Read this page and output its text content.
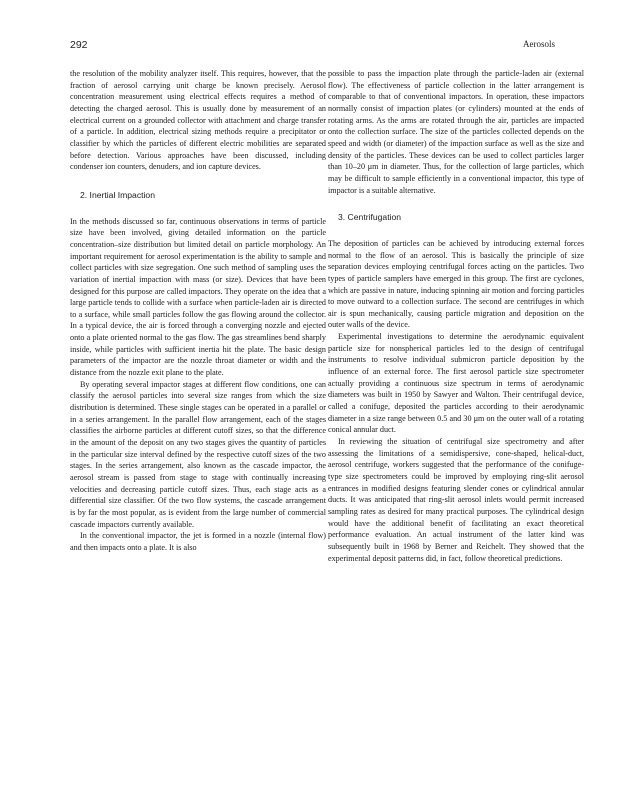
292	Aerosols

the resolution of the mobility analyzer itself. This requires, however, that the fraction of aerosol carrying unit charge be known precisely. Aerosol concentration measurement using electrical effects requires a method of detecting the charged aerosol. This is usually done by measurement of an electrical current on a grounded collector with attachment and charge transfer of a particle. In addition, electrical sizing methods require a precipitator or classifier by which the particles of different electric mobilities are separated before detection. Various approaches have been discussed, including condenser ion counters, denuders, and ion capture devices.

2. Inertial Impaction

In the methods discussed so far, continuous observations in terms of particle size have been involved, giving detailed information on the particle concentration–size distribution but limited detail on particle morphology. An important requirement for aerosol experimentation is the ability to sample and collect particles with size segregation. One such method of sampling uses the variation of inertial impaction with mass (or size). Devices that have been designed for this purpose are called impactors. They operate on the idea that a large particle tends to collide with a surface when particle-laden air is directed to a surface, while small particles follow the gas flowing around the collector. In a typical device, the air is forced through a converging nozzle and ejected onto a plate oriented normal to the gas flow. The gas streamlines bend sharply inside, while particles with sufficient inertia hit the plate. The basic design parameters of the impactor are the nozzle throat diameter or width and the distance from the nozzle exit plane to the plate.

By operating several impactor stages at different flow conditions, one can classify the aerosol particles into several size ranges from which the size distribution is determined. These single stages can be operated in a parallel or in a series arrangement. In the parallel flow arrangement, each of the stages classifies the airborne particles at different cutoff sizes, so that the difference in the amount of the deposit on any two stages gives the quantity of particles in the particular size interval defined by the respective cutoff sizes of the two stages. In the series arrangement, also known as the cascade impactor, the aerosol stream is passed from stage to stage with continually increasing velocities and decreasing particle cutoff sizes. Thus, each stage acts as a differential size classifier. Of the two flow systems, the cascade arrangement is by far the most popular, as is evident from the large number of commercial cascade impactors currently available.

In the conventional impactor, the jet is formed in a nozzle (internal flow) and then impacts onto a plate. It is also

possible to pass the impaction plate through the particle-laden air (external flow). The effectiveness of particle collection in the latter arrangement is comparable to that of conventional impactors. In operation, these impactors normally consist of impaction plates (or cylinders) mounted at the ends of rotating arms. As the arms are rotated through the air, particles are impacted onto the collection surface. The size of the particles collected depends on the speed and width (or diameter) of the impaction surface as well as the size and density of the particles. These devices can be used to collect particles larger than 10–20 μm in diameter. Thus, for the collection of large particles, which may be difficult to sample efficiently in a conventional impactor, this type of impactor is a suitable alternative.

3. Centrifugation

The deposition of particles can be achieved by introducing external forces normal to the flow of an aerosol. This is basically the principle of size separation devices employing centrifugal forces acting on the particles. Two types of particle samplers have emerged in this group. The first are cyclones, which are passive in nature, inducing spinning air motion and forcing particles to move outward to a collection surface. The second are centrifuges in which air is spun mechanically, causing particle migration and deposition on the outer walls of the device.

Experimental investigations to determine the aerodynamic equivalent particle size for nonspherical particles led to the design of centrifugal instruments to resolve individual submicron particle deposition by the influence of an external force. The first aerosol particle size spectrometer actually providing a continuous size spectrum in terms of aerodynamic diameters was built in 1950 by Sawyer and Walton. Their centrifugal device, called a conifuge, deposited the particles according to their aerodynamic diameter in a size range between 0.5 and 30 μm on the outer wall of a rotating conical annular duct.

In reviewing the situation of centrifugal size spectrometry and after assessing the limitations of a semidispersive, cone-shaped, helical-duct, aerosol centrifuge, workers suggested that the performance of the conifuge-type size spectrometers could be improved by employing ring-slit aerosol entrances in modified designs featuring slender cones or cylindrical annular ducts. It was anticipated that ring-slit aerosol inlets would permit increased sampling rates as desired for many practical purposes. The cylindrical design would have the additional benefit of facilitating an exact theoretical performance evaluation. An actual instrument of the latter kind was subsequently built in 1968 by Berner and Reichelt. They showed that the experimental deposit patterns did, in fact, follow theoretical predictions.
